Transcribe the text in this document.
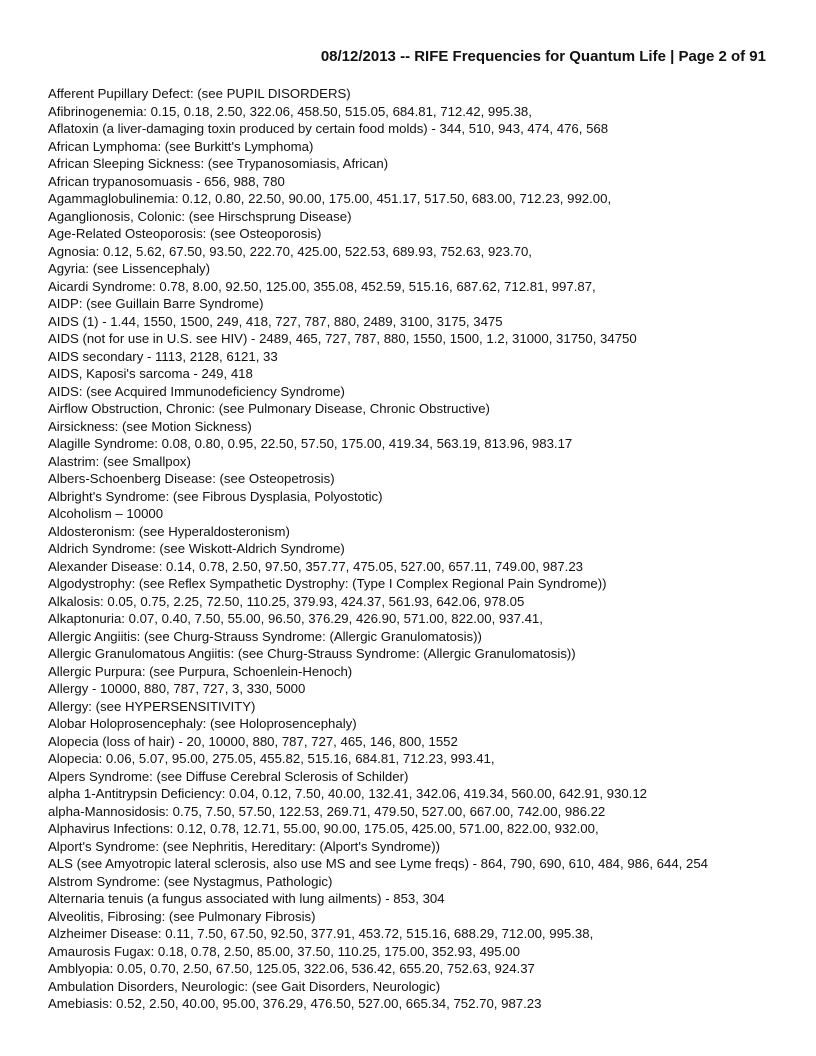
08/12/2013 -- RIFE Frequencies for Quantum Life | Page 2 of 91
Afferent Pupillary Defect: (see PUPIL DISORDERS)
Afibrinogenemia: 0.15, 0.18, 2.50, 322.06, 458.50, 515.05, 684.81, 712.42, 995.38,
Aflatoxin (a liver-damaging toxin produced by certain food molds) - 344, 510, 943, 474, 476, 568
African Lymphoma: (see Burkitt's Lymphoma)
African Sleeping Sickness: (see Trypanosomiasis, African)
African trypanosomuasis - 656, 988, 780
Agammaglobulinemia: 0.12, 0.80, 22.50, 90.00, 175.00, 451.17, 517.50, 683.00, 712.23, 992.00,
Aganglionosis, Colonic: (see Hirschsprung Disease)
Age-Related Osteoporosis: (see Osteoporosis)
Agnosia: 0.12, 5.62, 67.50, 93.50, 222.70, 425.00, 522.53, 689.93, 752.63, 923.70,
Agyria: (see Lissencephaly)
Aicardi Syndrome: 0.78, 8.00, 92.50, 125.00, 355.08, 452.59, 515.16, 687.62, 712.81, 997.87,
AIDP: (see Guillain Barre Syndrome)
AIDS (1) - 1.44, 1550, 1500, 249, 418, 727, 787, 880, 2489, 3100, 3175, 3475
AIDS (not for use in U.S. see HIV) - 2489, 465, 727, 787, 880, 1550, 1500, 1.2, 31000, 31750, 34750
AIDS secondary - 1113, 2128, 6121, 33
AIDS, Kaposi's sarcoma - 249, 418
AIDS: (see Acquired Immunodeficiency Syndrome)
Airflow Obstruction, Chronic: (see Pulmonary Disease, Chronic Obstructive)
Airsickness: (see Motion Sickness)
Alagille Syndrome: 0.08, 0.80, 0.95, 22.50, 57.50, 175.00, 419.34, 563.19, 813.96, 983.17
Alastrim: (see Smallpox)
Albers-Schoenberg Disease: (see Osteopetrosis)
Albright's Syndrome: (see Fibrous Dysplasia, Polyostotic)
Alcoholism – 10000
Aldosteronism: (see Hyperaldosteronism)
Aldrich Syndrome: (see Wiskott-Aldrich Syndrome)
Alexander Disease: 0.14, 0.78, 2.50, 97.50, 357.77, 475.05, 527.00, 657.11, 749.00, 987.23
Algodystrophy: (see Reflex Sympathetic Dystrophy: (Type I Complex Regional Pain Syndrome))
Alkalosis: 0.05, 0.75, 2.25, 72.50, 110.25, 379.93, 424.37, 561.93, 642.06, 978.05
Alkaptonuria: 0.07, 0.40, 7.50, 55.00, 96.50, 376.29, 426.90, 571.00, 822.00, 937.41,
Allergic Angiitis: (see Churg-Strauss Syndrome: (Allergic Granulomatosis))
Allergic Granulomatous Angiitis: (see Churg-Strauss Syndrome: (Allergic Granulomatosis))
Allergic Purpura: (see Purpura, Schoenlein-Henoch)
Allergy - 10000, 880, 787, 727, 3, 330, 5000
Allergy: (see HYPERSENSITIVITY)
Alobar Holoprosencephaly: (see Holoprosencephaly)
Alopecia (loss of hair) - 20, 10000, 880, 787, 727, 465, 146, 800, 1552
Alopecia: 0.06, 5.07, 95.00, 275.05, 455.82, 515.16, 684.81, 712.23, 993.41,
Alpers Syndrome: (see Diffuse Cerebral Sclerosis of Schilder)
alpha 1-Antitrypsin Deficiency: 0.04, 0.12, 7.50, 40.00, 132.41, 342.06, 419.34, 560.00, 642.91, 930.12
alpha-Mannosidosis: 0.75, 7.50, 57.50, 122.53, 269.71, 479.50, 527.00, 667.00, 742.00, 986.22
Alphavirus Infections: 0.12, 0.78, 12.71, 55.00, 90.00, 175.05, 425.00, 571.00, 822.00, 932.00,
Alport's Syndrome: (see Nephritis, Hereditary: (Alport's Syndrome))
ALS (see Amyotropic lateral sclerosis, also use MS and see Lyme freqs) - 864, 790, 690, 610, 484, 986, 644, 254
Alstrom Syndrome: (see Nystagmus, Pathologic)
Alternaria tenuis (a fungus associated with lung ailments) - 853, 304
Alveolitis, Fibrosing: (see Pulmonary Fibrosis)
Alzheimer Disease: 0.11, 7.50, 67.50, 92.50, 377.91, 453.72, 515.16, 688.29, 712.00, 995.38,
Amaurosis Fugax: 0.18, 0.78, 2.50, 85.00, 37.50, 110.25, 175.00, 352.93, 495.00
Amblyopia: 0.05, 0.70, 2.50, 67.50, 125.05, 322.06, 536.42, 655.20, 752.63, 924.37
Ambulation Disorders, Neurologic: (see Gait Disorders, Neurologic)
Amebiasis: 0.52, 2.50, 40.00, 95.00, 376.29, 476.50, 527.00, 665.34, 752.70, 987.23
